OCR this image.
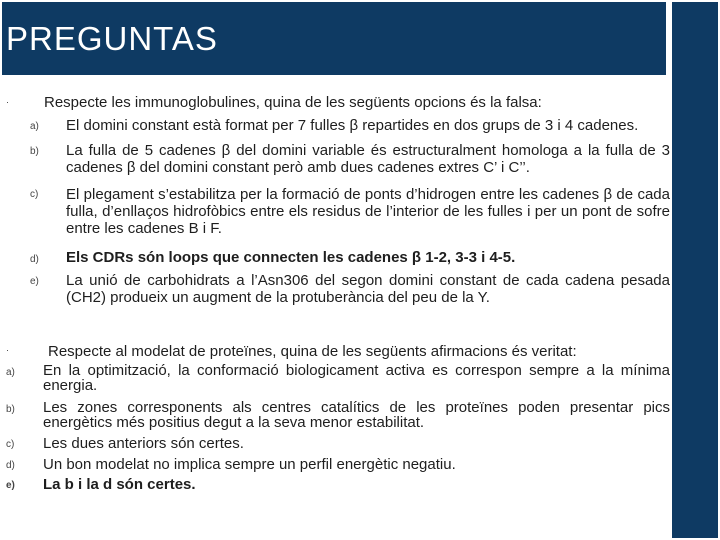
PREGUNTAS
· Respecte les immunoglobulines, quina de les següents opcions és la falsa:
a) El domini constant està format per 7 fulles β repartides en dos grups de 3 i 4 cadenes.
b) La fulla de 5 cadenes β del domini variable és estructuralment homologa a la fulla de 3 cadenes β del domini constant però amb dues cadenes extres C’ i C’’.
c) El plegament s’estabilitza per la formació de ponts d’hidrogen entre les cadenes β de cada fulla, d’enllaços hidrofòbics entre els residus de l’interior de les fulles i per un pont de sofre entre les cadenes B i F.
d) Els CDRs són loops que connecten les cadenes β 1-2, 3-3 i 4-5.
e) La unió de carbohidrats a l’Asn306 del segon domini constant de cada cadena pesada (CH2) produeix un augment de la protuberància del peu de la Y.
·	Respecte al modelat de proteïnes, quina de les següents afirmacions és veritat:
a) En la optimització, la conformació biologicament activa es correspon sempre a la mínima energia.
b) Les zones corresponents als centres catalítics de les proteïnes poden presentar pics energètics més positius degut a la seva menor estabilitat.
c) Les dues anteriors són certes.
d) Un bon modelat no implica sempre un perfil energètic negatiu.
e) La b i la d són certes.
